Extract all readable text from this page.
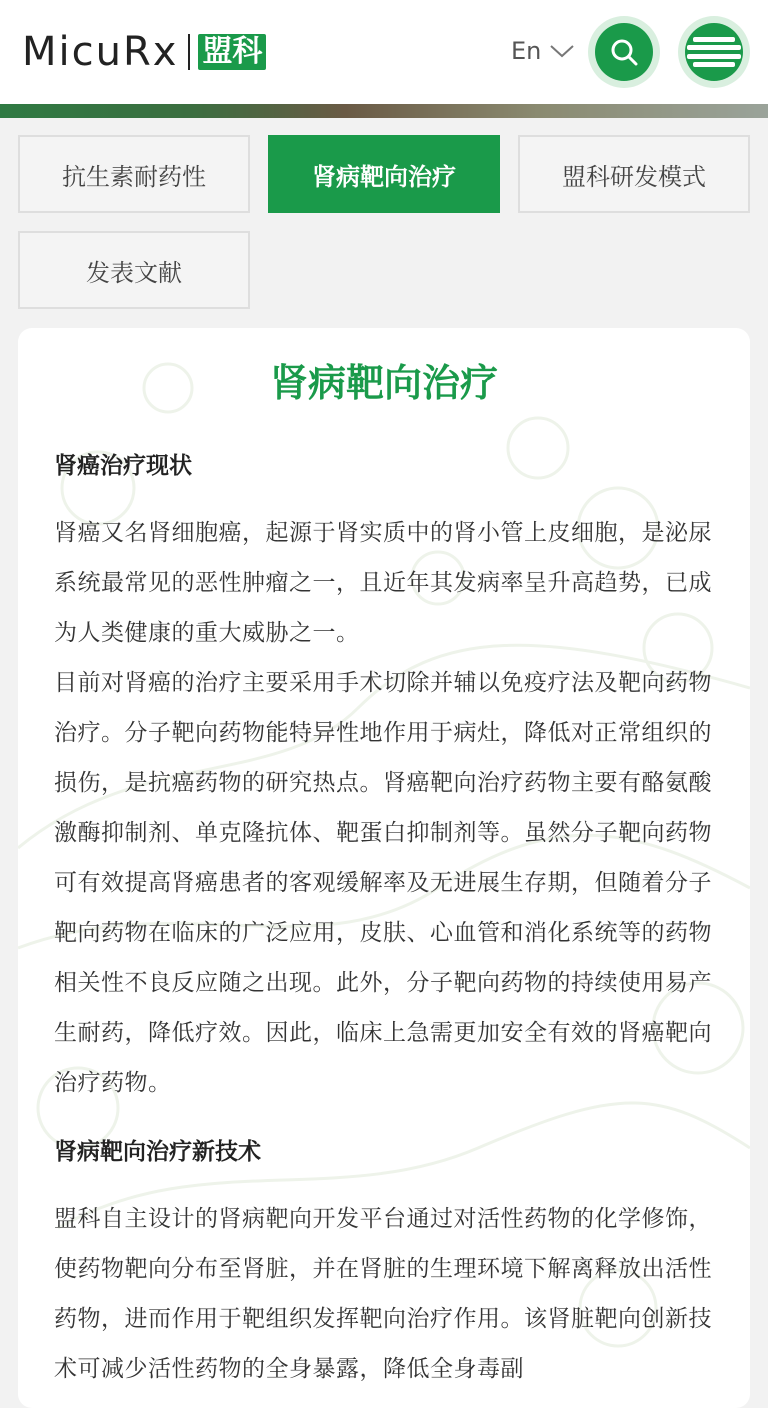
MicuRx 盟科	En
抗生素耐药性	肾病靶向治疗	盟科研发模式
发表文献
肾病靶向治疗
肾癌治疗现状
肾癌又名肾细胞癌，起源于肾实质中的肾小管上皮细胞，是泌尿系统最常见的恶性肿瘤之一，且近年其发病率呈升高趋势，已成为人类健康的重大威胁之一。
目前对肾癌的治疗主要采用手术切除并辅以免疫疗法及靶向药物治疗。分子靶向药物能特异性地作用于病灶，降低对正常组织的损伤，是抗癌药物的研究热点。肾癌靶向治疗药物主要有酪氨酸激酶抑制剂、单克隆抗体、靶蛋白抑制剂等。虽然分子靶向药物可有效提高肾癌患者的客观缓解率及无进展生存期，但随着分子靶向药物在临床的广泛应用，皮肤、心血管和消化系统等的药物相关性不良反应随之出现。此外，分子靶向药物的持续使用易产生耐药，降低疗效。因此，临床上急需更加安全有效的肾癌靶向治疗药物。
肾病靶向治疗新技术
盟科自主设计的肾病靶向开发平台通过对活性药物的化学修饰，使药物靶向分布至肾脏，并在肾脏的生理环境下解离释放出活性药物，进而作用于靶组织发挥靶向治疗作用。该肾脏靶向创新技术可减少活性药物的全身暴露，降低全身毒副
